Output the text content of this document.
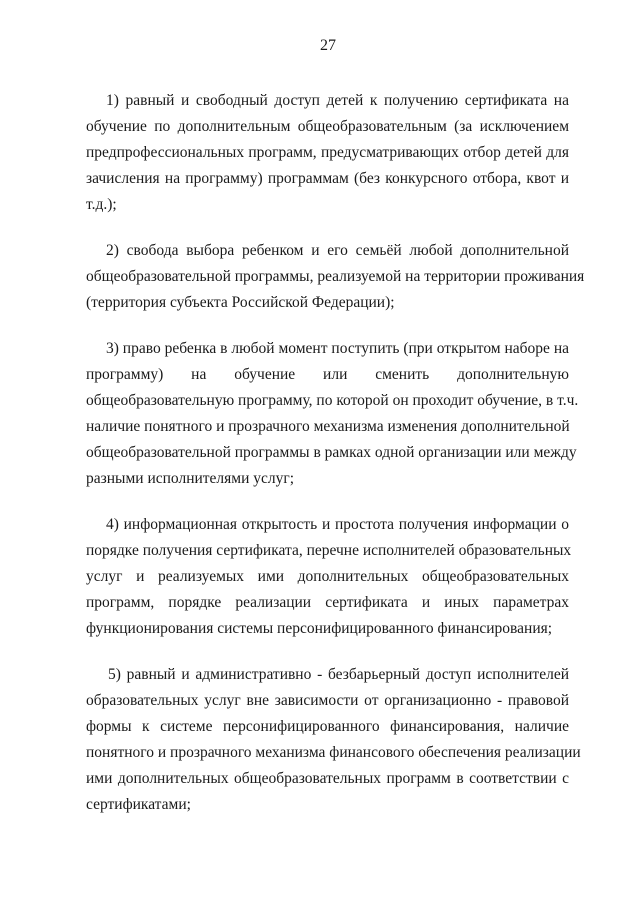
27
1) равный и свободный доступ детей к получению сертификата на
обучение по дополнительным общеобразовательным (за исключением
предпрофессиональных программ, предусматривающих отбор детей для
зачисления на программу) программам (без конкурсного отбора, квот и
т.д.);
2) свобода выбора ребенком и его семьёй любой дополнительной
общеобразовательной программы, реализуемой на территории проживания
(территория субъекта Российской Федерации);
3) право ребенка в любой момент поступить (при открытом наборе на
программу) на обучение или сменить дополнительную
общеобразовательную программу, по которой он проходит обучение, в т.ч.
наличие понятного и прозрачного механизма изменения дополнительной
общеобразовательной программы в рамках одной организации или между
разными исполнителями услуг;
4) информационная открытость и простота получения информации о
порядке получения сертификата, перечне исполнителей образовательных
услуг и реализуемых ими дополнительных общеобразовательных
программ, порядке реализации сертификата и иных параметрах
функционирования системы персонифицированного финансирования;
5) равный и административно - безбарьерный доступ исполнителей
образовательных услуг вне зависимости от организационно - правовой
формы к системе персонифицированного финансирования, наличие
понятного и прозрачного механизма финансового обеспечения реализации
ими дополнительных общеобразовательных программ в соответствии с
сертификатами;
